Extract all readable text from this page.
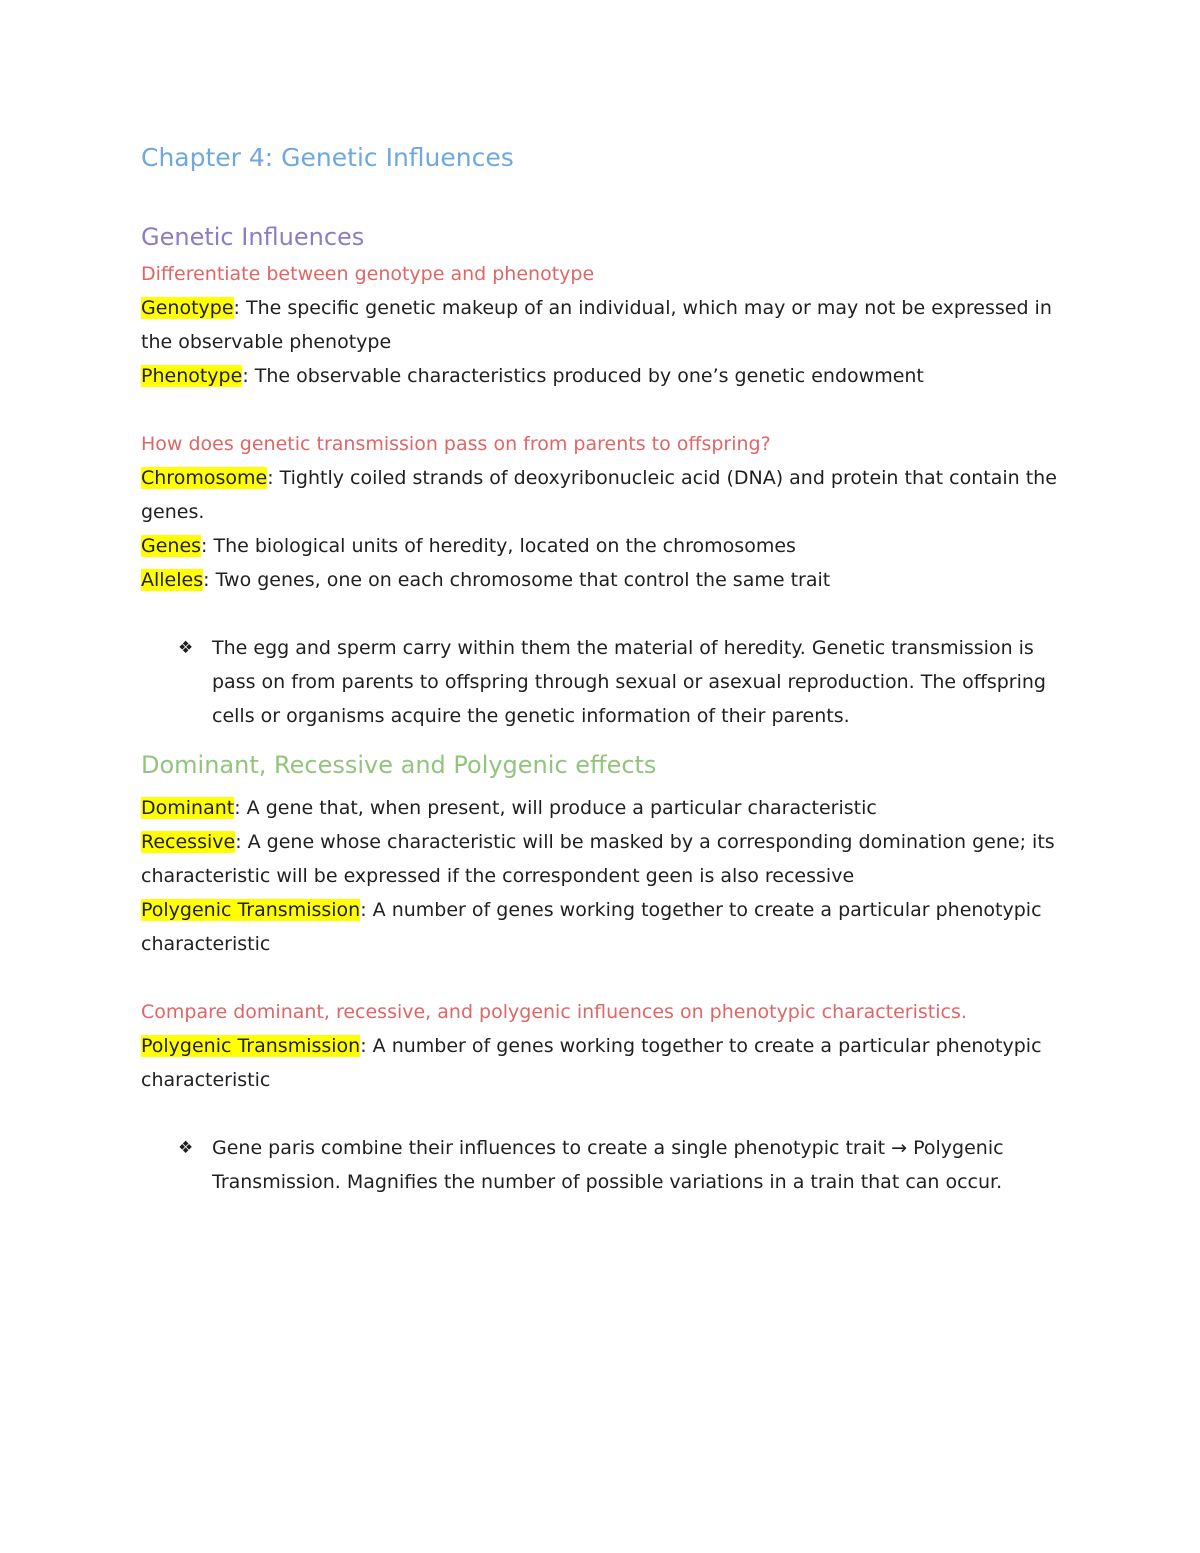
Chapter 4: Genetic Influences
Genetic Influences

Differentiate between genotype and phenotype

Genotype: The specific genetic makeup of an individual, which may or may not be expressed in the observable phenotype

Phenotype: The observable characteristics produced by one’s genetic endowment

How does genetic transmission pass on from parents to offspring?

Chromosome: Tightly coiled strands of deoxyribonucleic acid (DNA) and protein that contain the genes.

Genes: The biological units of heredity, located on the chromosomes

Alleles: Two genes, one on each chromosome that control the same trait

❖ The egg and sperm carry within them the material of heredity. Genetic transmission is pass on from parents to offspring through sexual or asexual reproduction. The offspring cells or organisms acquire the genetic information of their parents.

Dominant, Recessive and Polygenic effects

Dominant: A gene that, when present, will produce a particular characteristic

Recessive: A gene whose characteristic will be masked by a corresponding domination gene; its characteristic will be expressed if the correspondent geen is also recessive

Polygenic Transmission: A number of genes working together to create a particular phenotypic characteristic

Compare dominant, recessive, and polygenic influences on phenotypic characteristics.

Polygenic Transmission: A number of genes working together to create a particular phenotypic characteristic

❖ Gene paris combine their influences to create a single phenotypic trait → Polygenic Transmission. Magnifies the number of possible variations in a train that can occur.
